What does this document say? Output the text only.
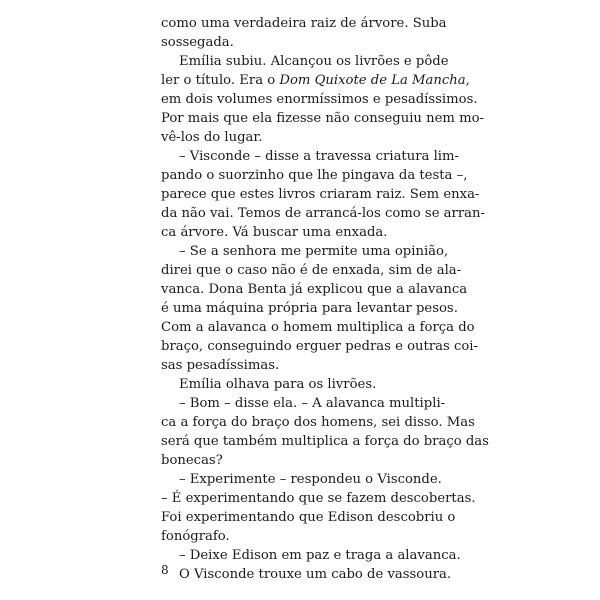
como uma verdadeira raiz de árvore. Suba
sossegada.
Emília subiu. Alcançou os livrões e pôde
ler o título. Era o Dom Quixote de La Mancha,
em dois volumes enormíssimos e pesadíssimos.
Por mais que ela fizesse não conseguiu nem mo-
vê-los do lugar.
– Visconde – disse a travessa criatura lim-
pando o suorzinho que lhe pingava da testa –,
parece que estes livros criaram raiz. Sem enxa-
da não vai. Temos de arrancá-los como se arran-
ca árvore. Vá buscar uma enxada.
– Se a senhora me permite uma opinião,
direi que o caso não é de enxada, sim de ala-
vanca. Dona Benta já explicou que a alavanca
é uma máquina própria para levantar pesos.
Com a alavanca o homem multiplica a força do
braço, conseguindo erguer pedras e outras coi-
sas pesadíssimas.
Emília olhava para os livrões.
– Bom – disse ela. – A alavanca multipli-
ca a força do braço dos homens, sei disso. Mas
será que também multiplica a força do braço das
bonecas?
– Experimente – respondeu o Visconde.
– É experimentando que se fazem descobertas.
Foi experimentando que Edison descobriu o
fonógrafo.
– Deixe Edison em paz e traga a alavanca.
O Visconde trouxe um cabo de vassoura.
8
